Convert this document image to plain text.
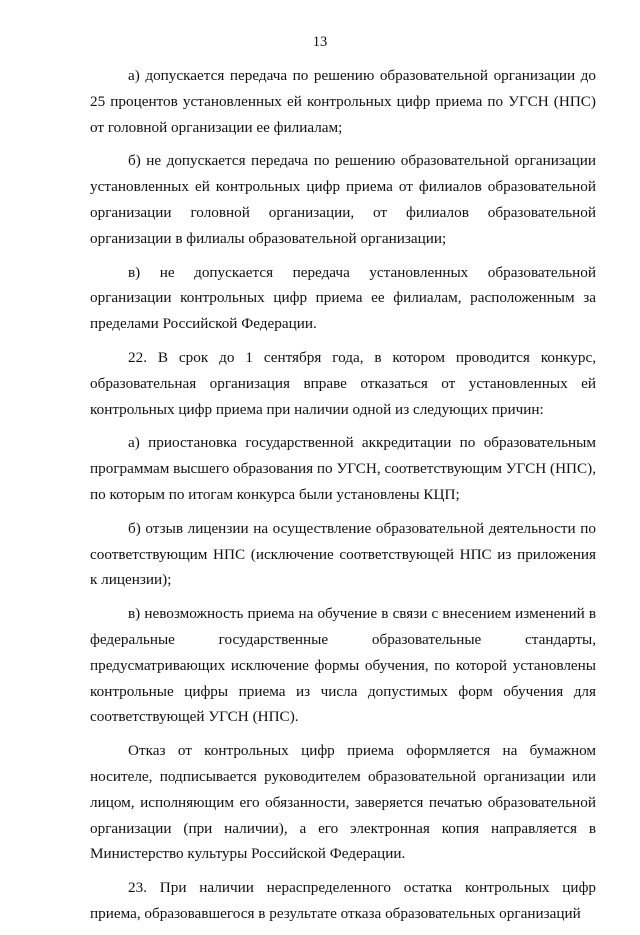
13

а) допускается передача по решению образовательной организации до 25 процентов установленных ей контрольных цифр приема по УГСН (НПС) от головной организации ее филиалам;

б) не допускается передача по решению образовательной организации установленных ей контрольных цифр приема от филиалов образовательной организации головной организации, от филиалов образовательной организации в филиалы образовательной организации;

в) не допускается передача установленных образовательной организации контрольных цифр приема ее филиалам, расположенным за пределами Российской Федерации.

22. В срок до 1 сентября года, в котором проводится конкурс, образовательная организация вправе отказаться от установленных ей контрольных цифр приема при наличии одной из следующих причин:

а) приостановка государственной аккредитации по образовательным программам высшего образования по УГСН, соответствующим УГСН (НПС), по которым по итогам конкурса были установлены КЦП;

б) отзыв лицензии на осуществление образовательной деятельности по соответствующим НПС (исключение соответствующей НПС из приложения к лицензии);

в) невозможность приема на обучение в связи с внесением изменений в федеральные государственные образовательные стандарты, предусматривающих исключение формы обучения, по которой установлены контрольные цифры приема из числа допустимых форм обучения для соответствующей УГСН (НПС).

Отказ от контрольных цифр приема оформляется на бумажном носителе, подписывается руководителем образовательной организации или лицом, исполняющим его обязанности, заверяется печатью образовательной организации (при наличии), а его электронная копия направляется в Министерство культуры Российской Федерации.

23. При наличии нераспределенного остатка контрольных цифр приема, образовавшегося в результате отказа образовательных организаций
